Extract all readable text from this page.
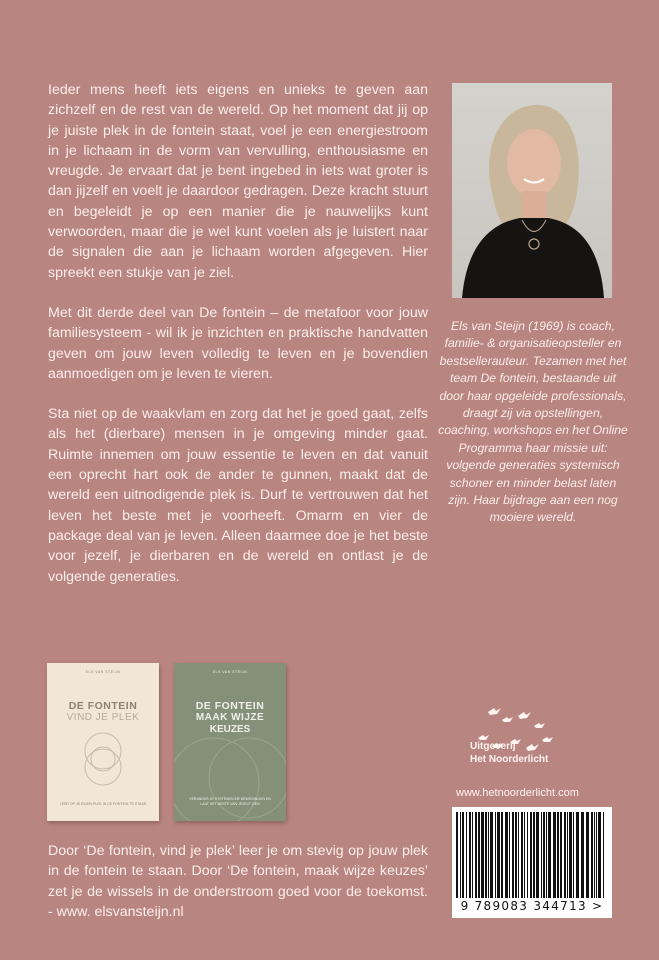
Ieder mens heeft iets eigens en unieks te geven aan zichzelf en de rest van de wereld. Op het moment dat jij op je juiste plek in de fontein staat, voel je een energiestroom in je lichaam in de vorm van vervulling, enthousiasme en vreugde. Je ervaart dat je bent ingebed in iets wat groter is dan jijzelf en voelt je daardoor gedragen. Deze kracht stuurt en begeleidt je op een manier die je nauwelijks kunt verwoorden, maar die je wel kunt voelen als je luistert naar de signalen die aan je lichaam worden afgegeven. Hier spreekt een stukje van je ziel.

Met dit derde deel van De fontein – de metafoor voor jouw familiesysteem - wil ik je inzichten en praktische handvatten geven om jouw leven volledig te leven en je bovendien aanmoedigen om je leven te vieren.

Sta niet op de waakvlam en zorg dat het je goed gaat, zelfs als het (dierbare) mensen in je omgeving minder gaat. Ruimte innemen om jouw essentie te leven en dat vanuit een oprecht hart ook de ander te gunnen, maakt dat de wereld een uitnodigende plek is. Durf te vertrouwen dat het leven het beste met je voorheeft. Omarm en vier de package deal van je leven. Alleen daarmee doe je het beste voor jezelf, je dierbaren en de wereld en ontlast je de volgende generaties.

Els van Steijn (1969) is coach, familie- & organisatieopsteller en bestsellerauteur. Tezamen met het team De fontein, bestaande uit door haar opgeleide professionals, draagt zij via opstellingen, coaching, workshops en het Online Programma haar missie uit: volgende generaties systemisch schoner en minder belast laten zijn. Haar bijdrage aan een nog mooiere wereld.
ELS VAN STEIJN
DE FONTEIN
VIND JE PLEK
LEER OP JE EIGEN PLEK IN DE FONTEIN TE STAAN
ELS VAN STEIJN
DE FONTEIN
MAAK WIJZE
KEUZES
VERANDER JE SYSTEMISCHE BEWEGINGEN EN LAAT HET BESTE VAN JEZELF ZIEN
Door ‘De fontein, vind je plek’ leer je om stevig op jouw plek in de fontein te staan. Door ‘De fontein, maak wijze keuzes’ zet je de wissels in de onderstroom goed voor de toekomst. - www. elsvansteijn.nl
Uitgeverij
Het Noorderlicht
www.hetnoorderlicht.com
9 789083 344713 >
